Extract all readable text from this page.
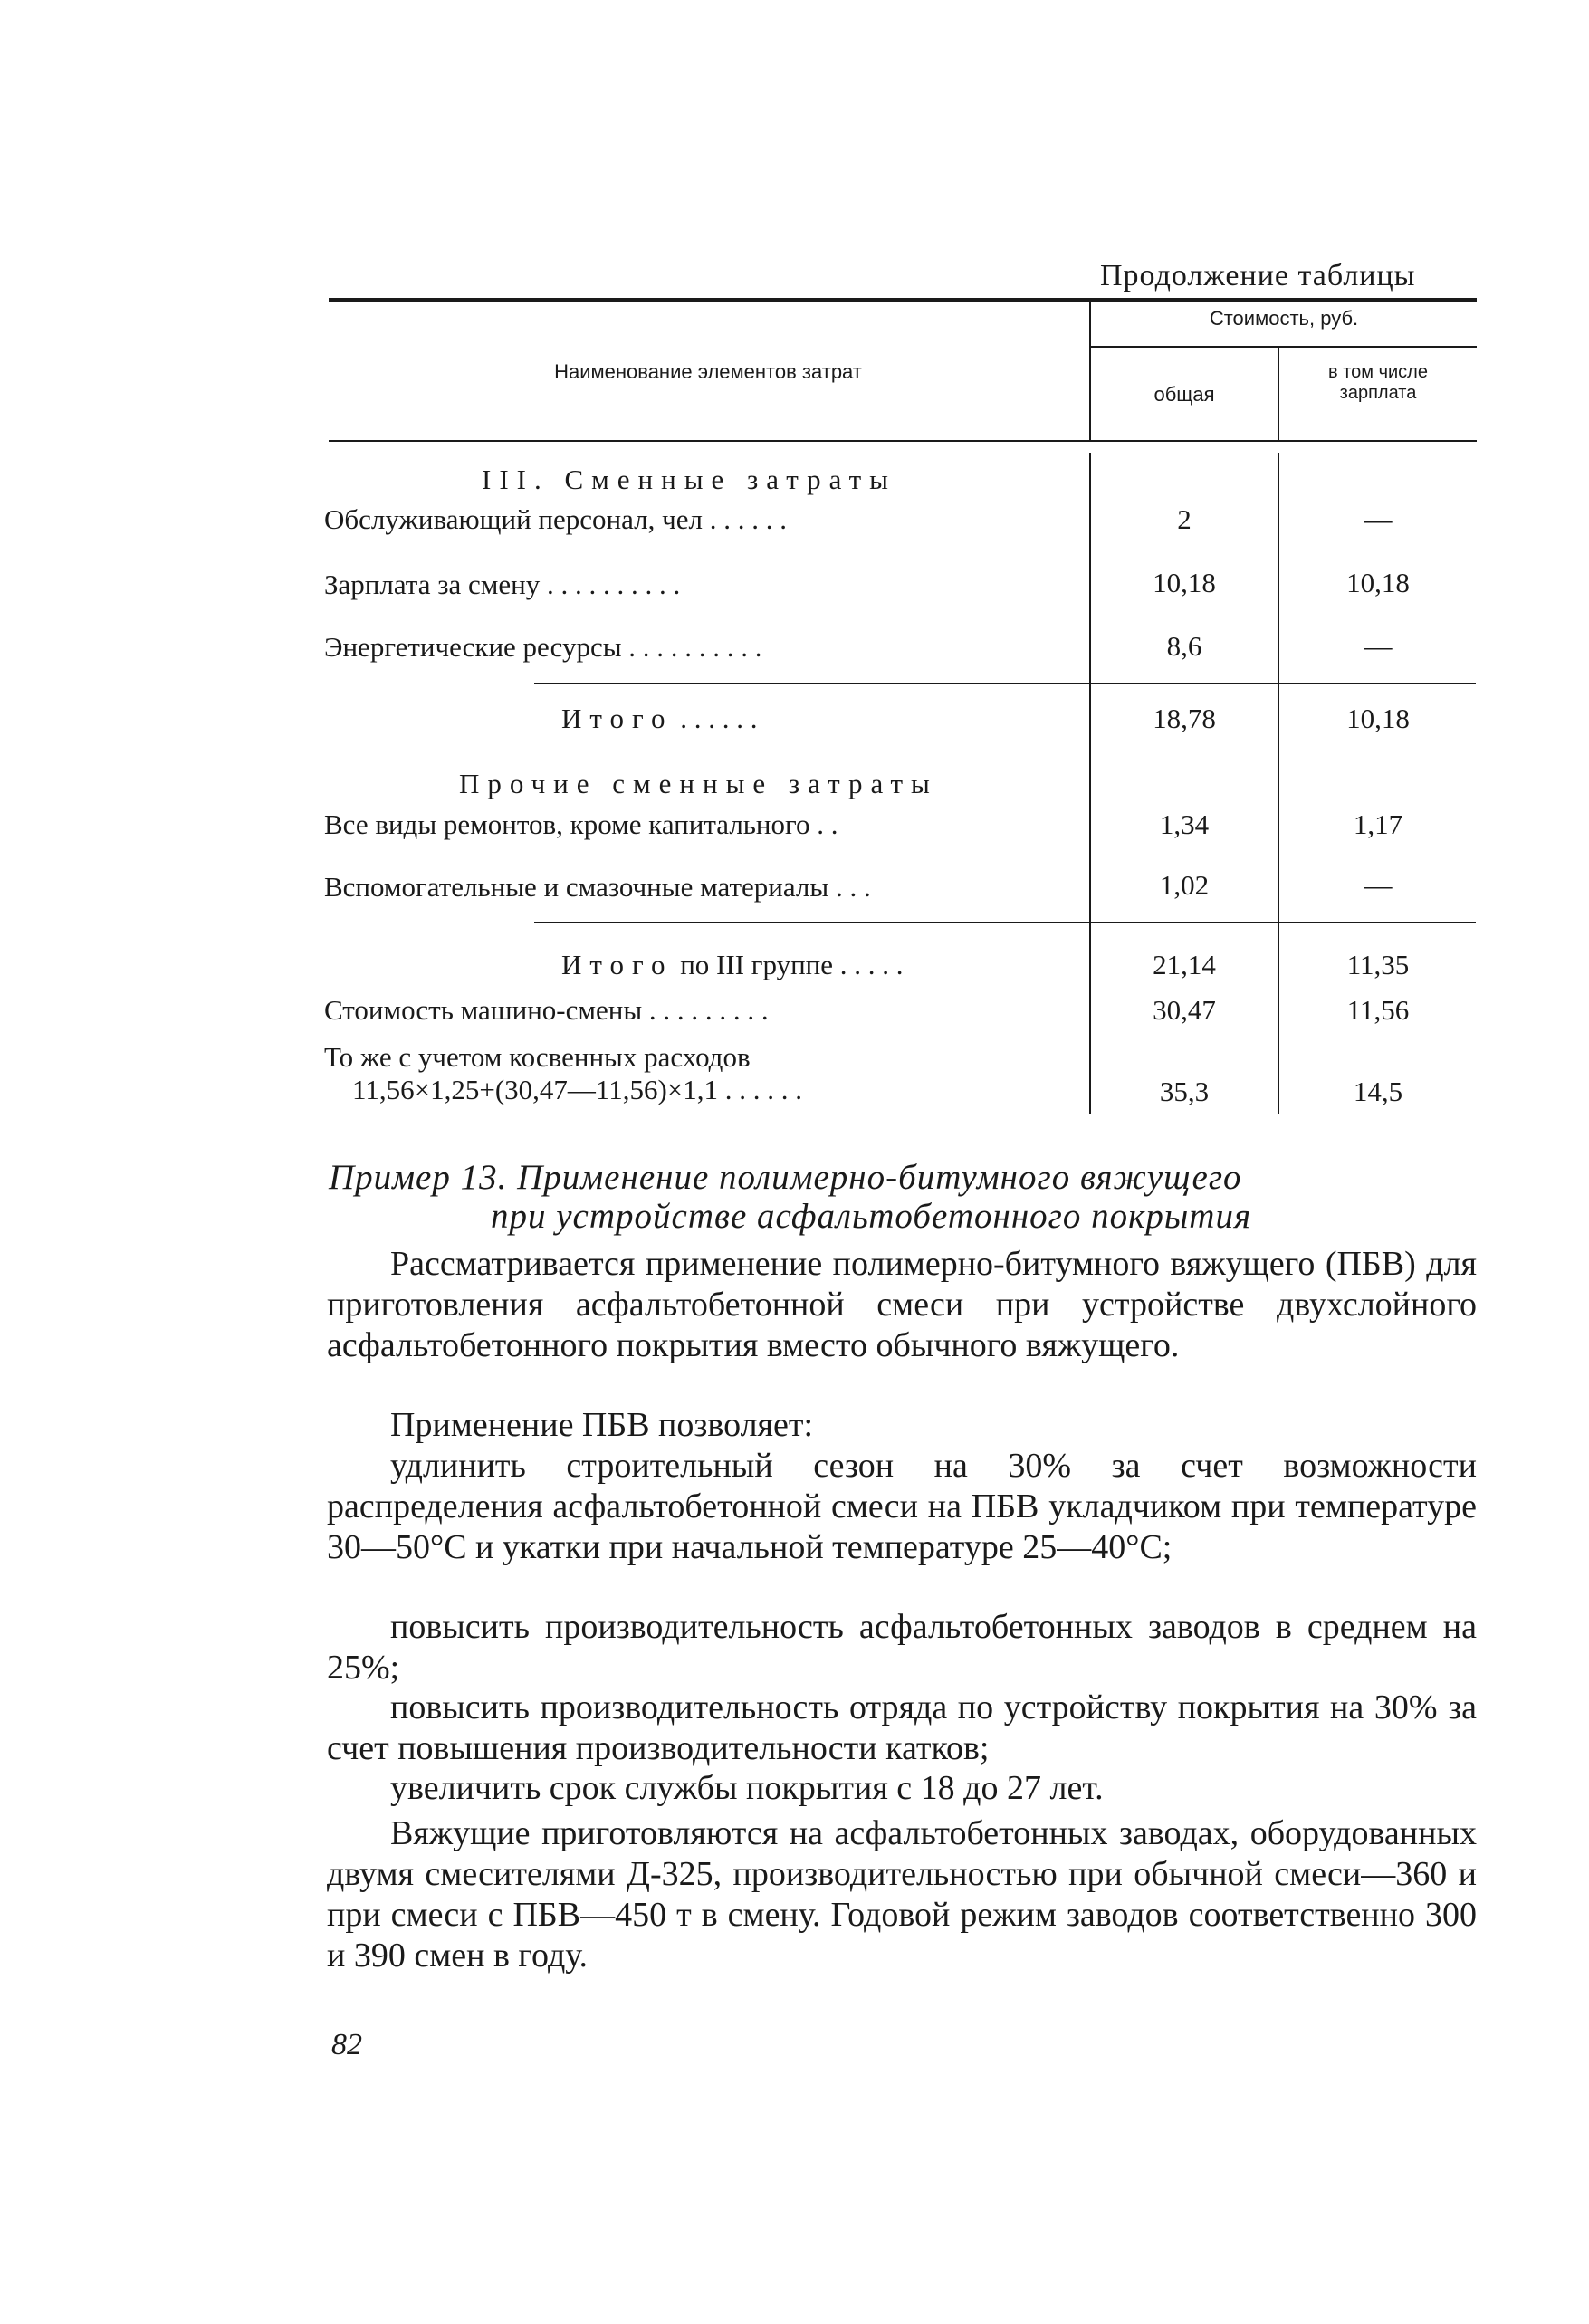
Продолжение таблицы
Наименование элементов затрат
Стоимость, руб.
общая
в том числе зарплата
III. Сменные затраты
Обслуживающий персонал, чел . . . . . .	2	—
Зарплата за смену . . . . . . . . . .	10,18	10,18
Энергетические ресурсы . . . . . . . . . .	8,6	—
Итого . . . . . .	18,78	10,18
Прочие сменные затраты
Все виды ремонтов, кроме капитального . .	1,34	1,17
Вспомогательные и смазочные материалы . . .	1,02	—
Итого по III группе . . . . .	21,14	11,35
Стоимость машино-смены . . . . . . . . .	30,47	11,56
То же с учетом косвенных расходов
11,56×1,25+(30,47—11,56)×1,1 . . . . . .	35,3	14,5
Пример 13. Применение полимерно-битумного вяжущего
при устройстве асфальтобетонного покрытия
Рассматривается применение полимерно-битумного вяжущего (ПБВ) для приготовления асфальтобетонной смеси при устройстве двухслойного асфальтобетонного покрытия вместо обычного вяжущего.
Применение ПБВ позволяет:
удлинить строительный сезон на 30% за счет возможности распределения асфальтобетонной смеси на ПБВ укладчиком при температуре 30—50°С и укатки при начальной температуре 25—40°С;
повысить производительность асфальтобетонных заводов в среднем на 25%;
повысить производительность отряда по устройству покрытия на 30% за счет повышения производительности катков;
увеличить срок службы покрытия с 18 до 27 лет.
Вяжущие приготовляются на асфальтобетонных заводах, оборудованных двумя смесителями Д-325, производительностью при обычной смеси—360 и при смеси с ПБВ—450 т в смену. Годовой режим заводов соответственно 300 и 390 смен в году.
82
